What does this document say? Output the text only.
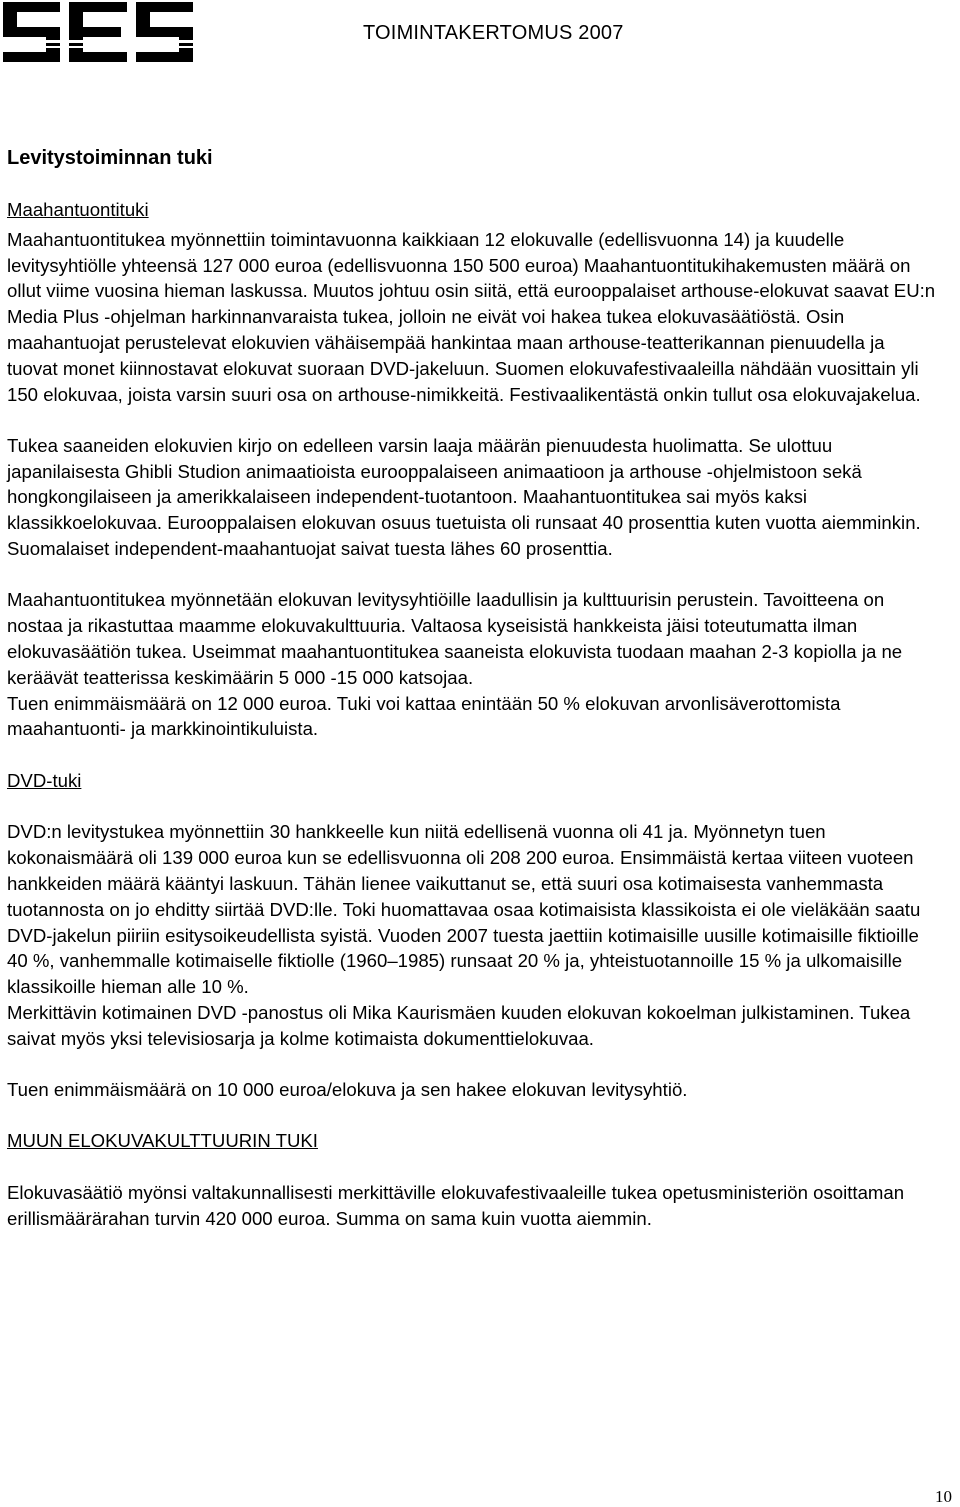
TOIMINTAKERTOMUS 2007
Levitystoiminnan tuki
Maahantuontituki

Maahantuontitukea myönnettiin toimintavuonna kaikkiaan 12 elokuvalle (edellisvuonna 14) ja kuudelle levitysyhtiölle yhteensä 127 000 euroa (edellisvuonna 150 500 euroa) Maahantuontitukihakemusten määrä on ollut viime vuosina hieman laskussa. Muutos johtuu osin siitä, että eurooppalaiset arthouse-elokuvat saavat EU:n Media Plus -ohjelman harkinnanvaraista tukea, jolloin ne eivät voi hakea tukea elokuvasäätiöstä. Osin maahantuojat perustelevat elokuvien vähäisempää hankintaa maan arthouse-teatterikannan pienuudella ja tuovat monet kiinnostavat elokuvat suoraan DVD-jakeluun. Suomen elokuvafestivaaleilla nähdään vuosittain yli 150 elokuvaa, joista varsin suuri osa on arthouse-nimikkeitä. Festivaalikentästä onkin tullut osa elokuvajakelua.

Tukea saaneiden elokuvien kirjo on edelleen varsin laaja määrän pienuudesta huolimatta. Se ulottuu japanilaisesta Ghibli Studion animaatioista eurooppalaiseen animaatioon ja arthouse -ohjelmistoon sekä hongkongilaiseen ja amerikkalaiseen independent-tuotantoon. Maahantuontitukea sai myös kaksi klassikkoelokuvaa. Eurooppalaisen elokuvan osuus tuetuista oli runsaat 40 prosenttia kuten vuotta aiemminkin. Suomalaiset independent-maahantuojat saivat tuesta lähes 60 prosenttia.

Maahantuontitukea myönnetään elokuvan levitysyhtiöille laadullisin ja kulttuurisin perustein. Tavoitteena on nostaa ja rikastuttaa maamme elokuvakulttuuria. Valtaosa kyseisistä hankkeista jäisi toteutumatta ilman elokuvasäätiön tukea. Useimmat maahantuontitukea saaneista elokuvista tuodaan maahan 2-3 kopiolla ja ne keräävät teatterissa keskimäärin 5 000 -15 000 katsojaa.

Tuen enimmäismäärä on 12 000 euroa. Tuki voi kattaa enintään 50 % elokuvan arvonlisäverottomista maahantuonti- ja markkinointikuluista.

DVD-tuki

DVD:n levitystukea myönnettiin 30 hankkeelle kun niitä edellisenä vuonna oli 41 ja. Myönnetyn tuen kokonaismäärä oli 139 000 euroa kun se edellisvuonna oli 208 200 euroa. Ensimmäistä kertaa viiteen vuoteen hankkeiden määrä kääntyi laskuun. Tähän lienee vaikuttanut se, että suuri osa kotimaisesta vanhemmasta tuotannosta on jo ehditty siirtää DVD:lle. Toki huomattavaa osaa kotimaisista klassikoista ei ole vieläkään saatu DVD-jakelun piiriin esitysoikeudellista syistä. Vuoden 2007 tuesta jaettiin kotimaisille uusille kotimaisille fiktioille 40 %, vanhemmalle kotimaiselle fiktiolle (1960–1985) runsaat 20 % ja, yhteistuotannoille 15 % ja ulkomaisille klassikoille hieman alle 10 %.

Merkittävin kotimainen DVD -panostus oli Mika Kaurismäen kuuden elokuvan kokoelman julkistaminen. Tukea saivat myös yksi televisiosarja ja kolme kotimaista dokumenttielokuvaa.

Tuen enimmäismäärä on 10 000 euroa/elokuva ja sen hakee elokuvan levitysyhtiö.

MUUN ELOKUVAKULTTUURIN TUKI

Elokuvasäätiö myönsi valtakunnallisesti merkittäville elokuvafestivaaleille tukea opetusministeriön osoittaman erillismäärärahan turvin 420 000 euroa. Summa on sama kuin vuotta aiemmin.

10
